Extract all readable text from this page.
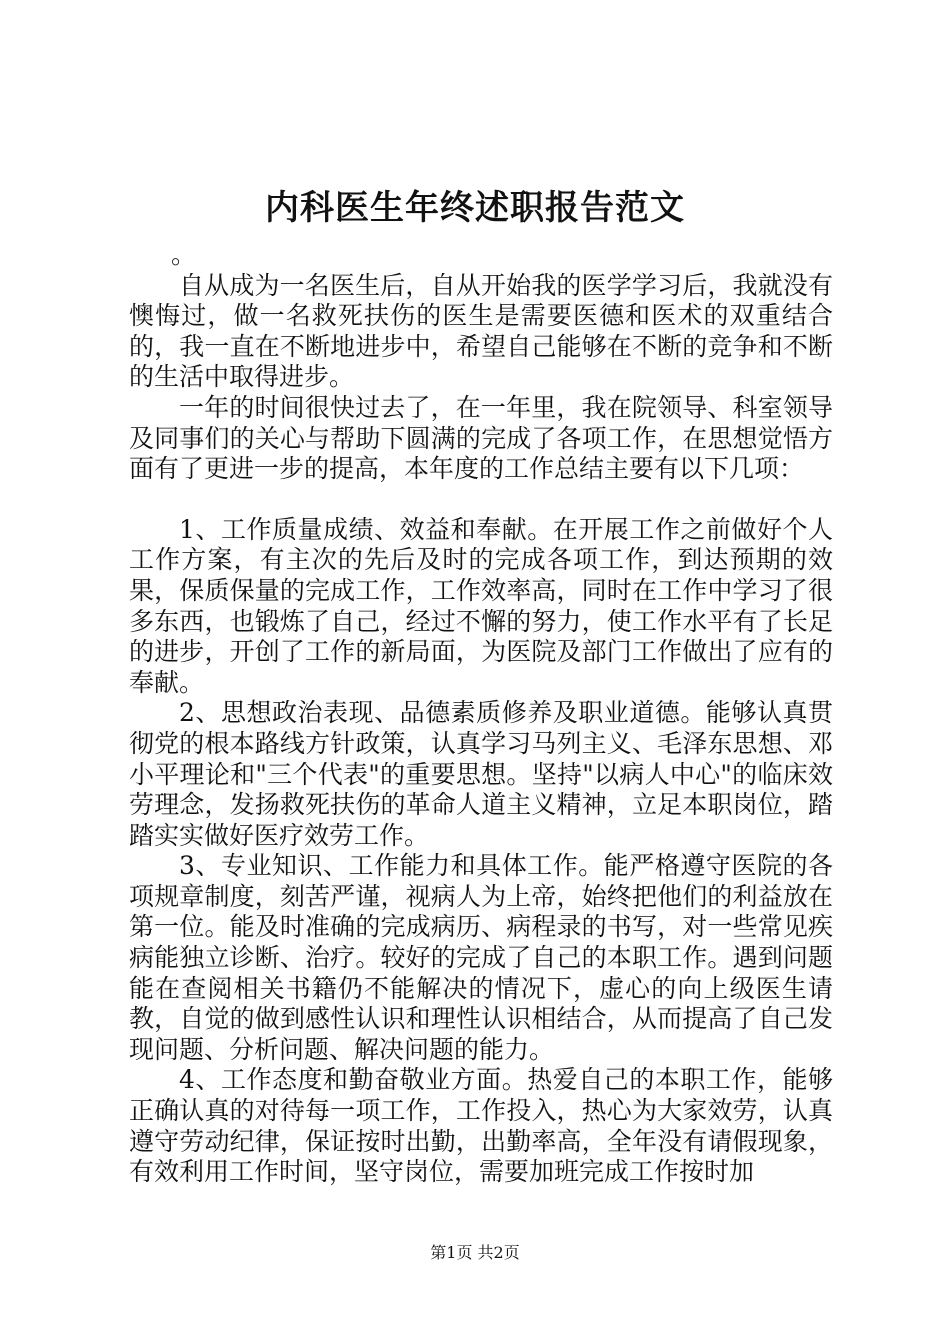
内科医生年终述职报告范文

。

自从成为一名医生后，自从开始我的医学学习后，我就没有懊悔过，做一名救死扶伤的医生是需要医德和医术的双重结合的，我一直在不断地进步中，希望自己能够在不断的竞争和不断的生活中取得进步。

一年的时间很快过去了，在一年里，我在院领导、科室领导及同事们的关心与帮助下圆满的完成了各项工作，在思想觉悟方面有了更进一步的提高，本年度的工作总结主要有以下几项：

1、工作质量成绩、效益和奉献。在开展工作之前做好个人工作方案，有主次的先后及时的完成各项工作，到达预期的效果，保质保量的完成工作，工作效率高，同时在工作中学习了很多东西，也锻炼了自己，经过不懈的努力，使工作水平有了长足的进步，开创了工作的新局面，为医院及部门工作做出了应有的奉献。

2、思想政治表现、品德素质修养及职业道德。能够认真贯彻党的根本路线方针政策，认真学习马列主义、毛泽东思想、邓小平理论和"三个代表"的重要思想。坚持"以病人中心"的临床效劳理念，发扬救死扶伤的革命人道主义精神，立足本职岗位，踏踏实实做好医疗效劳工作。

3、专业知识、工作能力和具体工作。能严格遵守医院的各项规章制度，刻苦严谨，视病人为上帝，始终把他们的利益放在第一位。能及时准确的完成病历、病程录的书写，对一些常见疾病能独立诊断、治疗。较好的完成了自己的本职工作。遇到问题能在查阅相关书籍仍不能解决的情况下，虚心的向上级医生请教，自觉的做到感性认识和理性认识相结合，从而提高了自己发现问题、分析问题、解决问题的能力。

4、工作态度和勤奋敬业方面。热爱自己的本职工作，能够正确认真的对待每一项工作，工作投入，热心为大家效劳，认真遵守劳动纪律，保证按时出勤，出勤率高，全年没有请假现象，有效利用工作时间，坚守岗位，需要加班完成工作按时加

第1页 共2页
